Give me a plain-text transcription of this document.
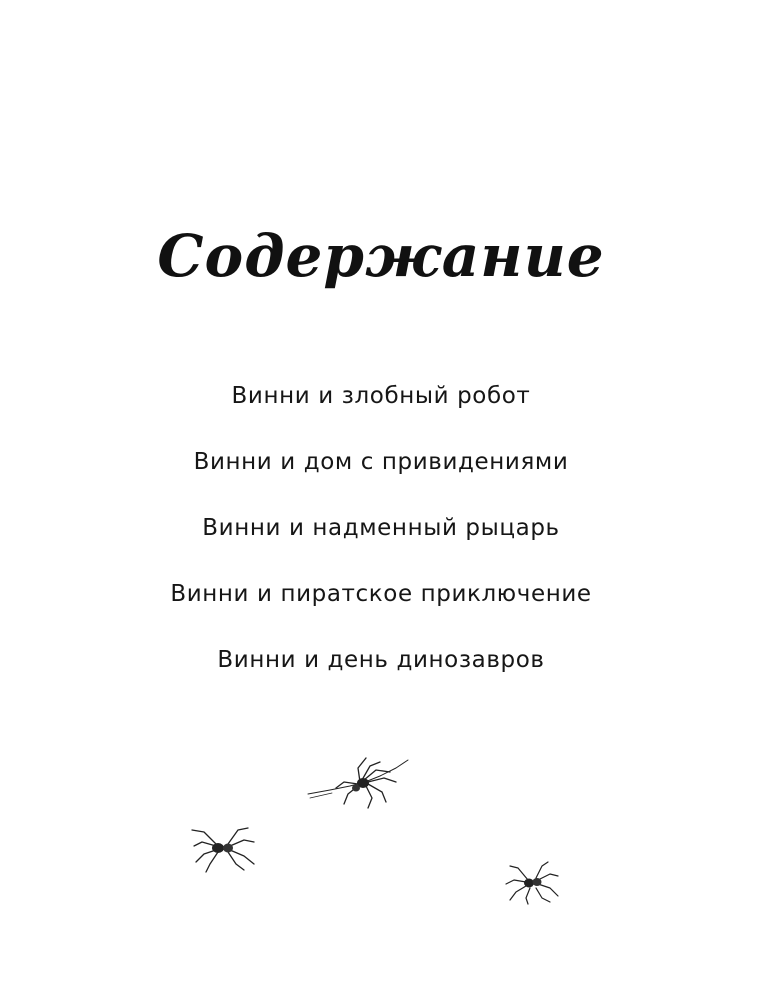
Содержание
Винни и злобный робот
Винни и дом с привидениями
Винни и надменный рыцарь
Винни и пиратское приключение
Винни и день динозавров
